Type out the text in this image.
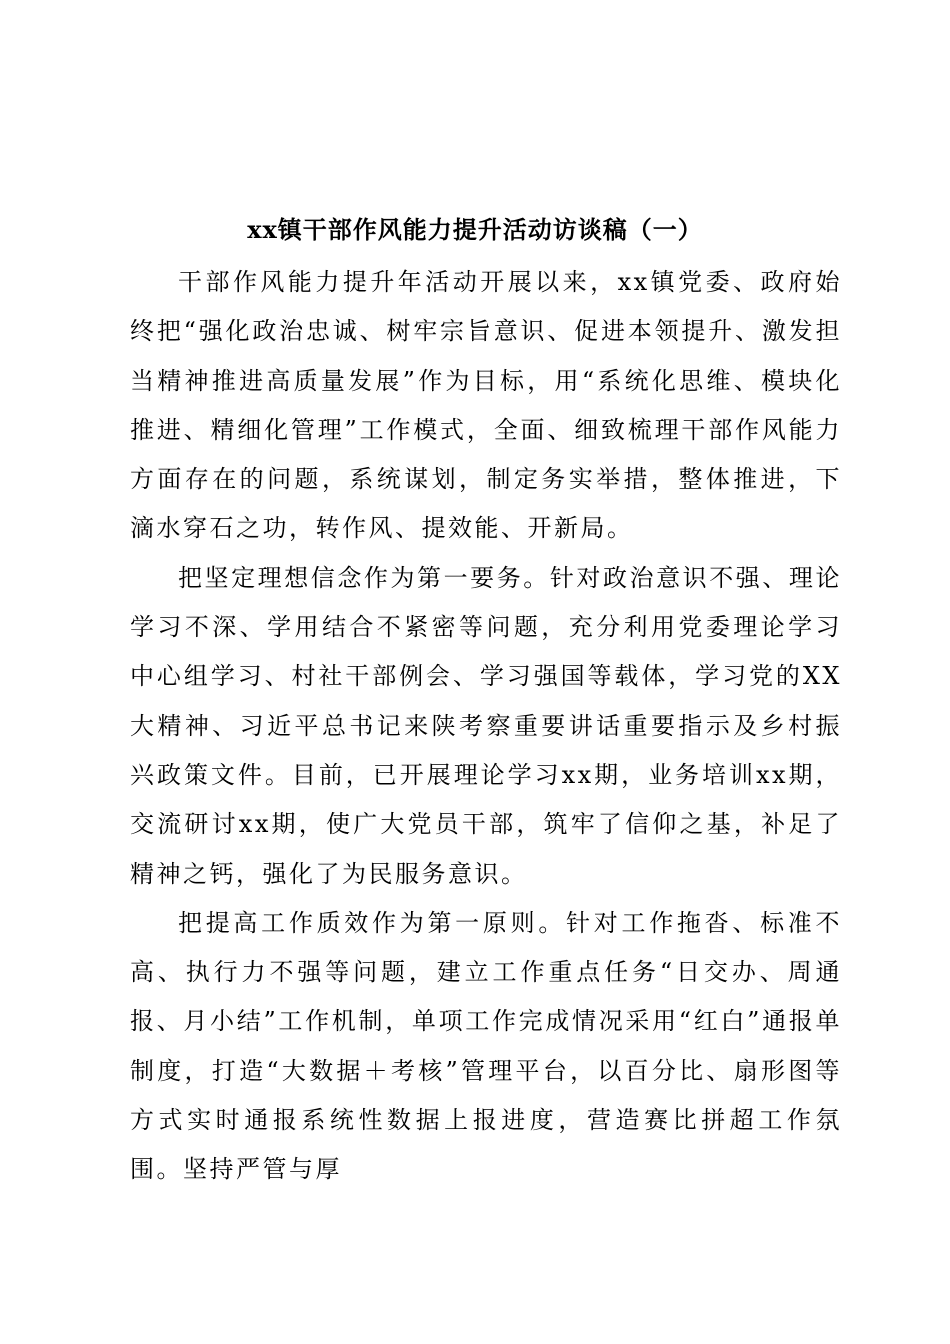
xx镇干部作风能力提升活动访谈稿（一）

干部作风能力提升年活动开展以来，xx镇党委、政府始终把“强化政治忠诚、树牢宗旨意识、促进本领提升、激发担当精神推进高质量发展”作为目标，用“系统化思维、模块化推进、精细化管理”工作模式，全面、细致梳理干部作风能力方面存在的问题，系统谋划，制定务实举措，整体推进，下滴水穿石之功，转作风、提效能、开新局。

把坚定理想信念作为第一要务。针对政治意识不强、理论学习不深、学用结合不紧密等问题，充分利用党委理论学习中心组学习、村社干部例会、学习强国等载体，学习党的XX大精神、习近平总书记来陕考察重要讲话重要指示及乡村振兴政策文件。目前，已开展理论学习xx期，业务培训xx期，交流研讨xx期，使广大党员干部，筑牢了信仰之基，补足了精神之钙，强化了为民服务意识。

把提高工作质效作为第一原则。针对工作拖沓、标准不高、执行力不强等问题，建立工作重点任务“日交办、周通报、月小结”工作机制，单项工作完成情况采用“红白”通报单制度，打造“大数据＋考核”管理平台，以百分比、扇形图等方式实时通报系统性数据上报进度，营造赛比拼超工作氛围。坚持严管与厚
